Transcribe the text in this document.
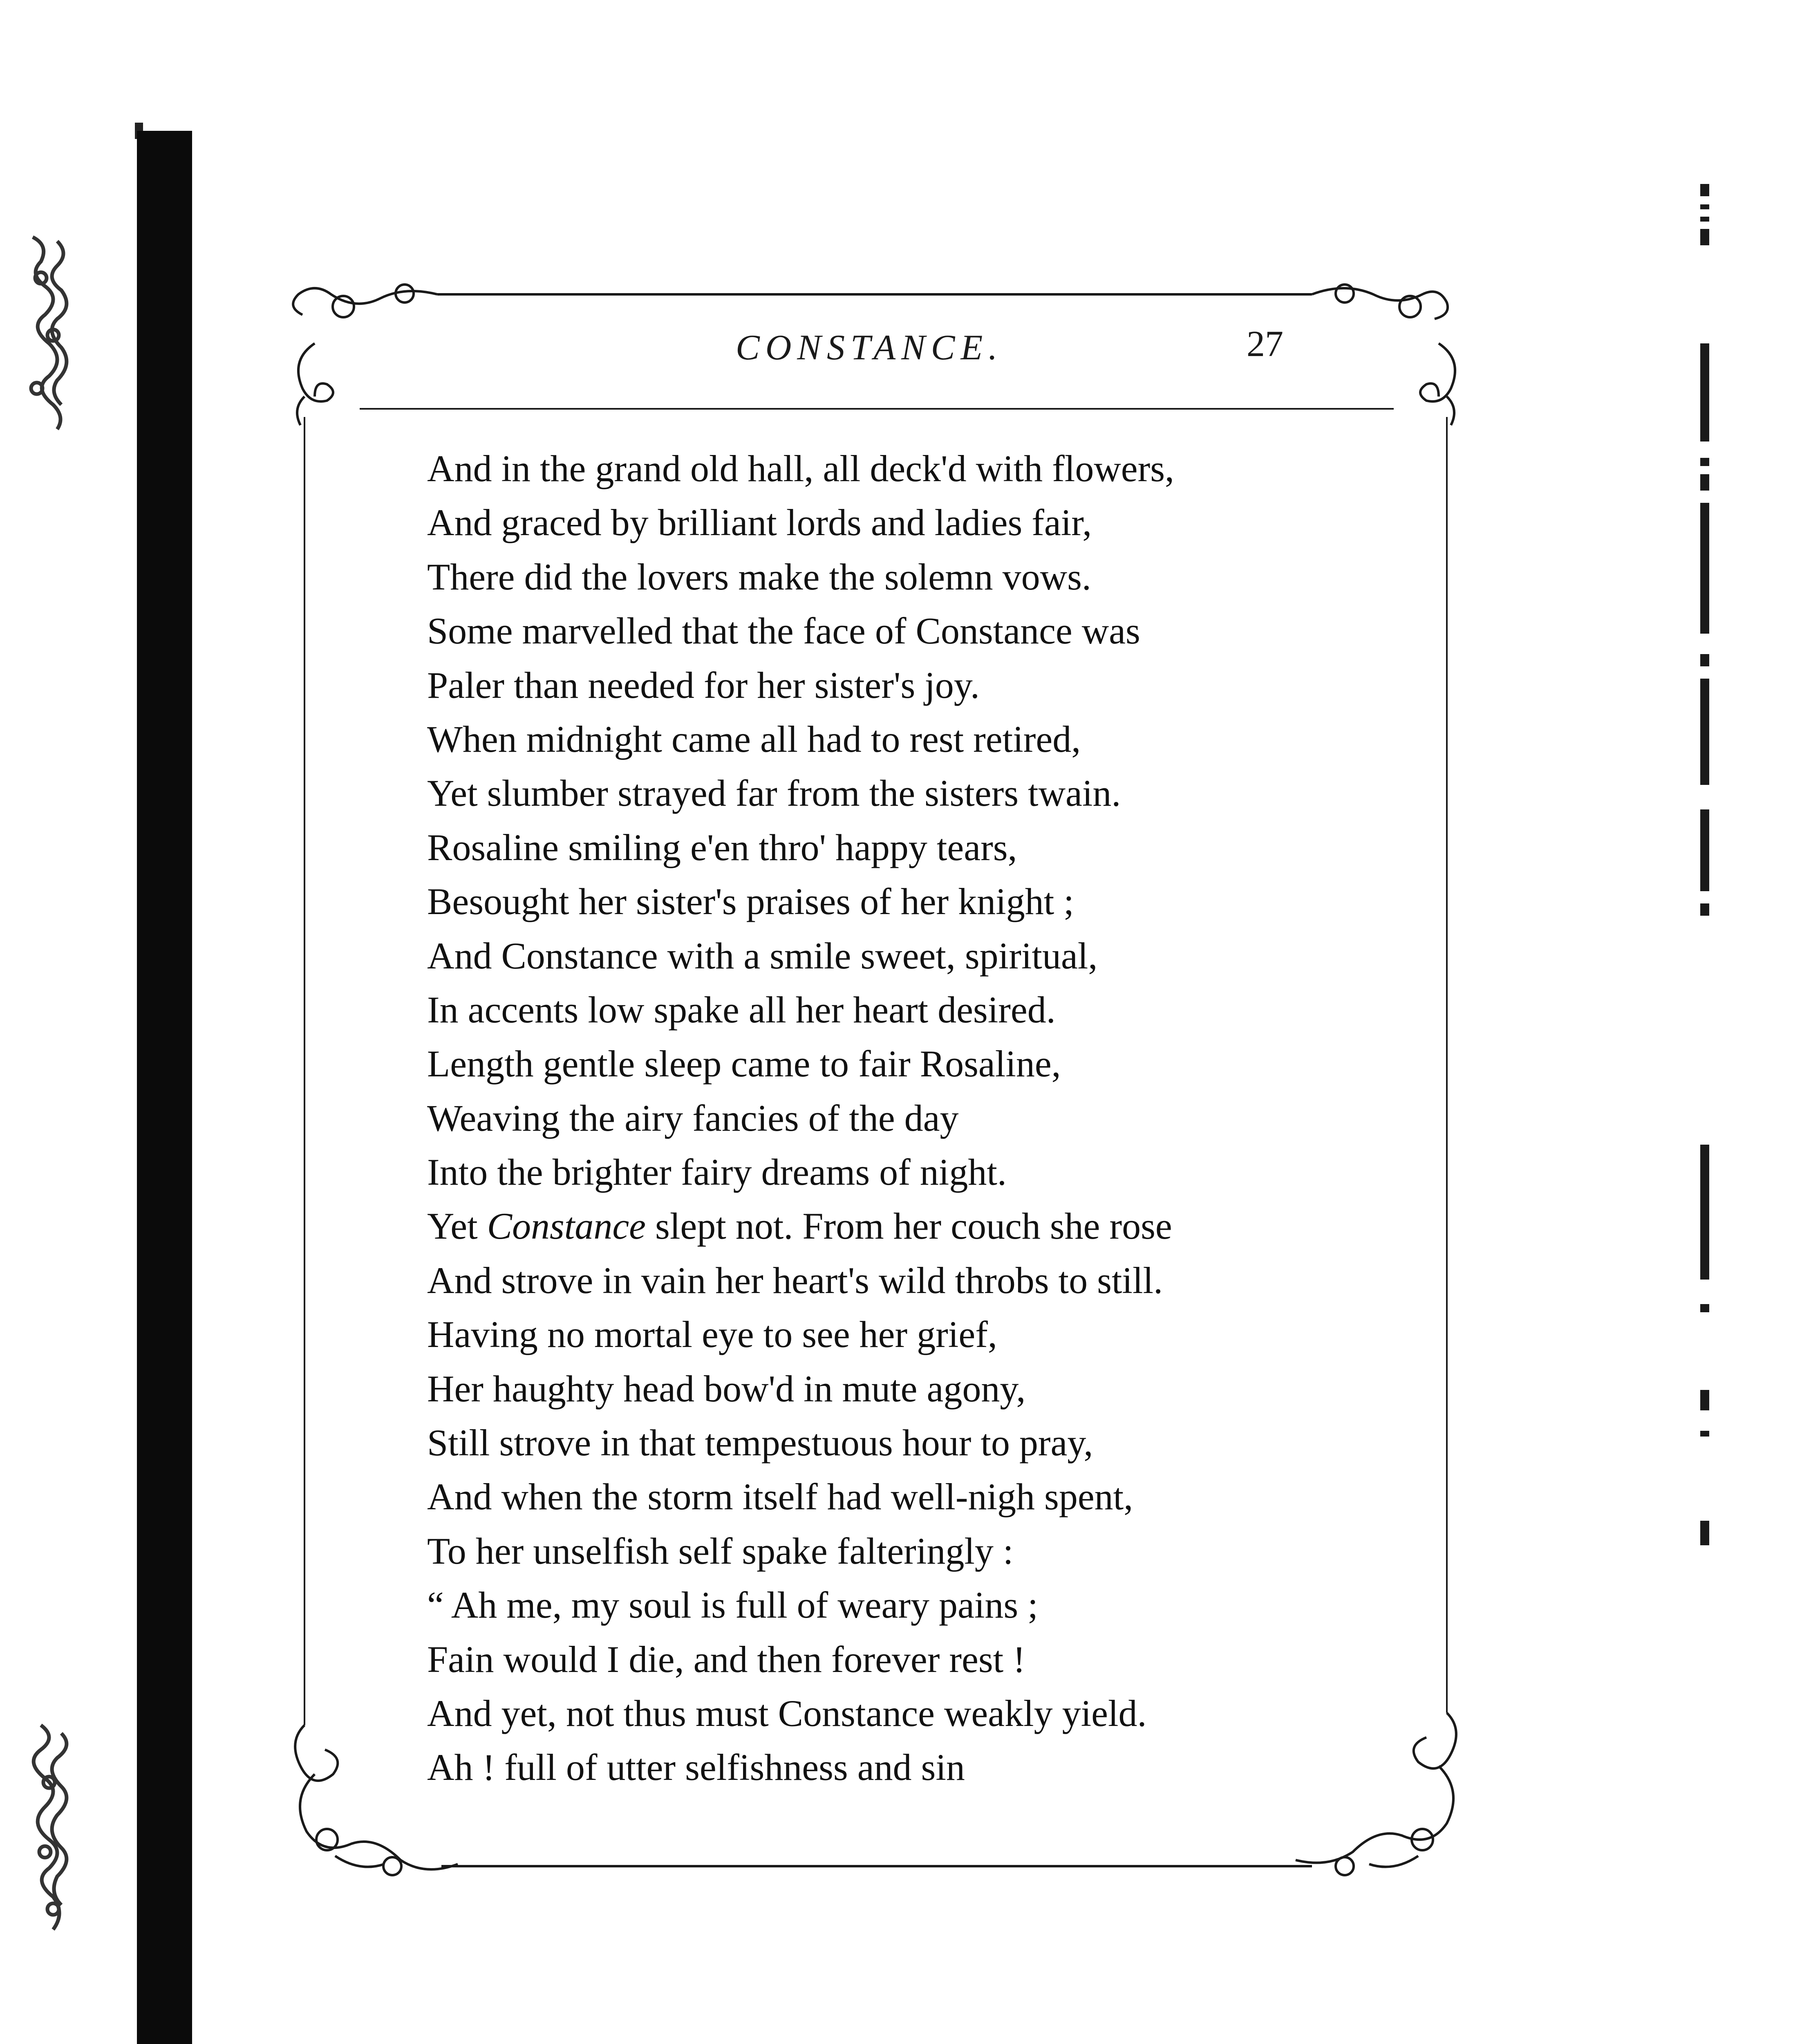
CONSTANCE.	27
And in the grand old hall, all deck'd with flowers,
And graced by brilliant lords and ladies fair,
There did the lovers make the solemn vows.
Some marvelled that the face of Constance was
Paler than needed for her sister's joy.
When midnight came all had to rest retired,
Yet slumber strayed far from the sisters twain.
Rosaline smiling e'en thro' happy tears,
Besought her sister's praises of her knight ;
And Constance with a smile sweet, spiritual,
In accents low spake all her heart desired.
Length gentle sleep came to fair Rosaline,
Weaving the airy fancies of the day
Into the brighter fairy dreams of night.
Yet Constance slept not. From her couch she rose
And strove in vain her heart's wild throbs to still.
Having no mortal eye to see her grief,
Her haughty head bow'd in mute agony,
Still strove in that tempestuous hour to pray,
And when the storm itself had well-nigh spent,
To her unselfish self spake falteringly :
“ Ah me, my soul is full of weary pains ;
Fain would I die, and then forever rest !
And yet, not thus must Constance weakly yield.
Ah ! full of utter selfishness and sin
